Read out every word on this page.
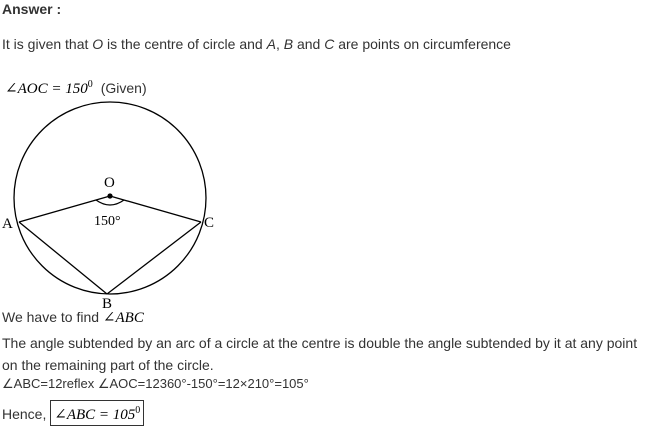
Answer :
It is given that O is the centre of circle and A, B and C are points on circumference
∠AOC = $150^0$ (Given)
O
A	C
B
150°
We have to find ∠ABC
The angle subtended by an arc of a circle at the centre is double the angle subtended by it at any point on the remaining part of the circle.
∠ABC=12reflex ∠AOC=12360°-150°=12×210°=105°
Hence, ∠ABC = $105^0$
